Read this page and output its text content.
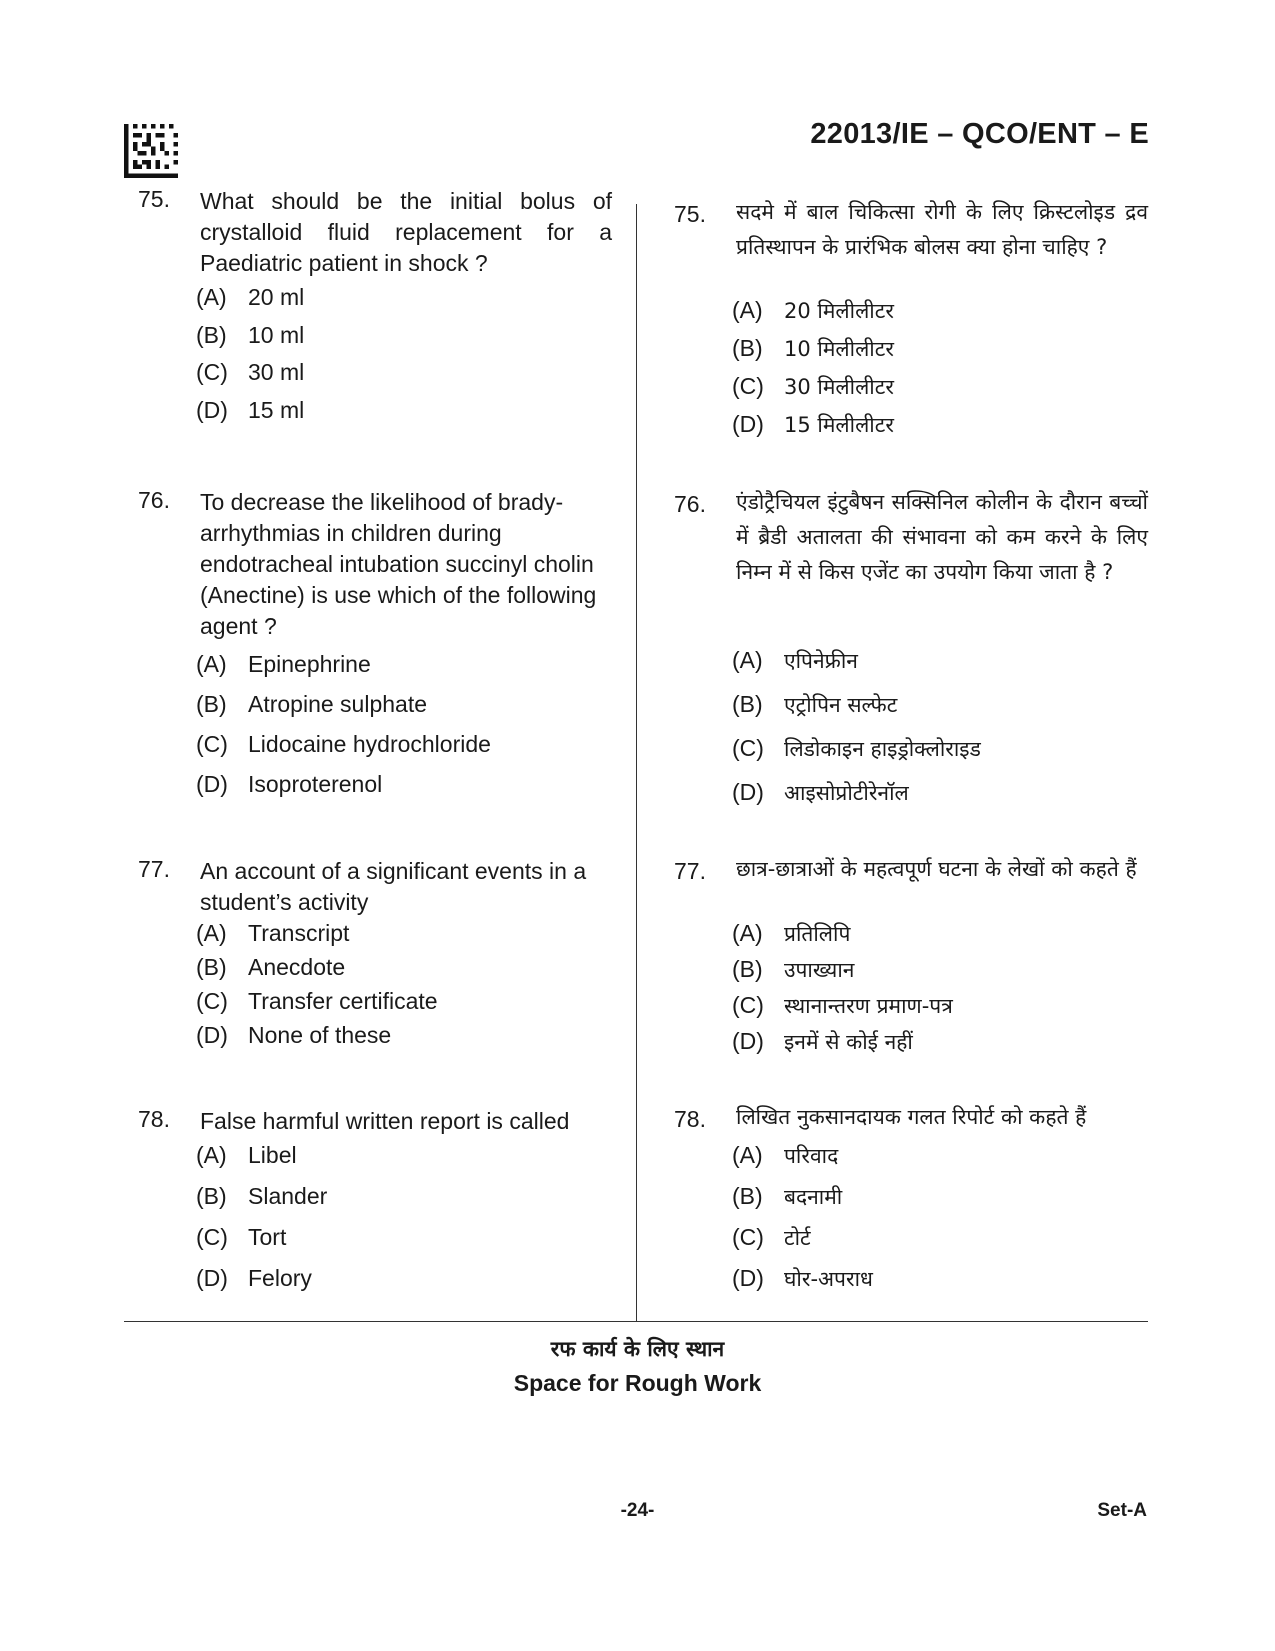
22013/IE – QCO/ENT – E
75. What should be the initial bolus of crystalloid fluid replacement for a Paediatric patient in shock ?
(A) 20 ml
(B) 10 ml
(C) 30 ml
(D) 15 ml
76. To decrease the likelihood of brady-arrhythmias in children during endotracheal intubation succinyl cholin (Anectine) is use which of the following agent ?
(A) Epinephrine
(B) Atropine sulphate
(C) Lidocaine hydrochloride
(D) Isoproterenol
77. An account of a significant events in a student’s activity
(A) Transcript
(B) Anecdote
(C) Transfer certificate
(D) None of these
78. False harmful written report is called
(A) Libel
(B) Slander
(C) Tort
(D) Felory
75. सदमे में बाल चिकित्सा रोगी के लिए क्रिस्टलोइड द्रव प्रतिस्थापन के प्रारंभिक बोलस क्या होना चाहिए ?
(A) 20 मिलीलीटर
(B) 10 मिलीलीटर
(C) 30 मिलीलीटर
(D) 15 मिलीलीटर
76. एंडोट्रैचियल इंटुबैषन सक्सिनिल कोलीन के दौरान बच्चों में ब्रैडी अतालता की संभावना को कम करने के लिए निम्न में से किस एजेंट का उपयोग किया जाता है ?
(A) एपिनेफ्रीन
(B) एट्रोपिन सल्फेट
(C) लिडोकाइन हाइड्रोक्लोराइड
(D) आइसोप्रोटीरेनॉल
77. छात्र-छात्राओं के महत्वपूर्ण घटना के लेखों को कहते हैं
(A) प्रतिलिपि
(B) उपाख्यान
(C) स्थानान्तरण प्रमाण-पत्र
(D) इनमें से कोई नहीं
78. लिखित नुकसानदायक गलत रिपोर्ट को कहते हैं
(A) परिवाद
(B) बदनामी
(C) टोर्ट
(D) घोर-अपराध
रफ कार्य के लिए स्थान
Space for Rough Work
-24-	Set-A
